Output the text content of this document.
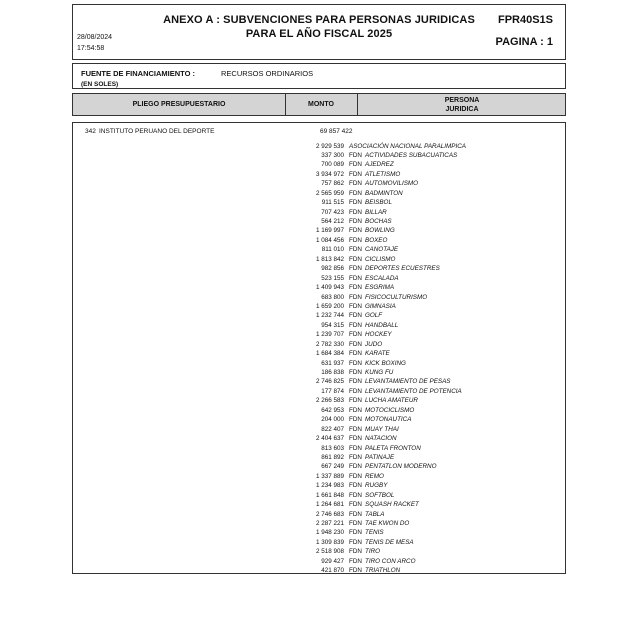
ANEXO A : SUBVENCIONES PARA PERSONAS JURIDICAS
PARA EL AÑO FISCAL 2025
FPR40S1S
PAGINA : 1
28/08/2024
17:54:58
FUENTE DE FINANCIAMIENTO :	RECURSOS ORDINARIOS
(EN SOLES)
PLIEGO PRESUPUESTARIO	MONTO
PERSONA
JURIDICA
342 INSTITUTO PERUANO DEL DEPORTE	69 857 422
2 929 539 ASOCIACIÓN NACIONAL PARALIMPICA
337 300 FDN ACTIVIDADES SUBACUATICAS
700 089 FDN AJEDREZ
3 934 972 FDN ATLETISMO
757 862 FDN AUTOMOVILISMO
2 565 959 FDN BADMINTON
911 515 FDN BEISBOL
707 423 FDN BILLAR
564 212 FDN BOCHAS
1 169 997 FDN BOWLING
1 084 456 FDN BOXEO
811 010 FDN CANOTAJE
1 813 842 FDN CICLISMO
982 856 FDN DEPORTES ECUESTRES
523 155 FDN ESCALADA
1 409 943 FDN ESGRIMA
683 800 FDN FISICOCULTURISMO
1 659 200 FDN GIMNASIA
1 232 744 FDN GOLF
954 315 FDN HANDBALL
1 239 707 FDN HOCKEY
2 782 330 FDN JUDO
1 684 384 FDN KARATE
631 937 FDN KICK BOXING
186 838 FDN KUNG FU
2 746 825 FDN LEVANTAMIENTO DE PESAS
177 874 FDN LEVANTAMIENTO DE POTENCIA
2 266 583 FDN LUCHA AMATEUR
642 953 FDN MOTOCICLISMO
204 000 FDN MOTONAUTICA
822 407 FDN MUAY THAI
2 404 637 FDN NATACION
813 603 FDN PALETA FRONTON
861 892 FDN PATINAJE
667 249 FDN PENTATLON MODERNO
1 337 889 FDN REMO
1 234 983 FDN RUGBY
1 661 848 FDN SOFTBOL
1 264 681 FDN SQUASH RACKET
2 746 683 FDN TABLA
2 287 221 FDN TAE KWON DO
1 948 230 FDN TENIS
1 309 839 FDN TENIS DE MESA
2 518 908 FDN TIRO
929 427 FDN TIRO CON ARCO
421 870 FDN TRIATHLON
